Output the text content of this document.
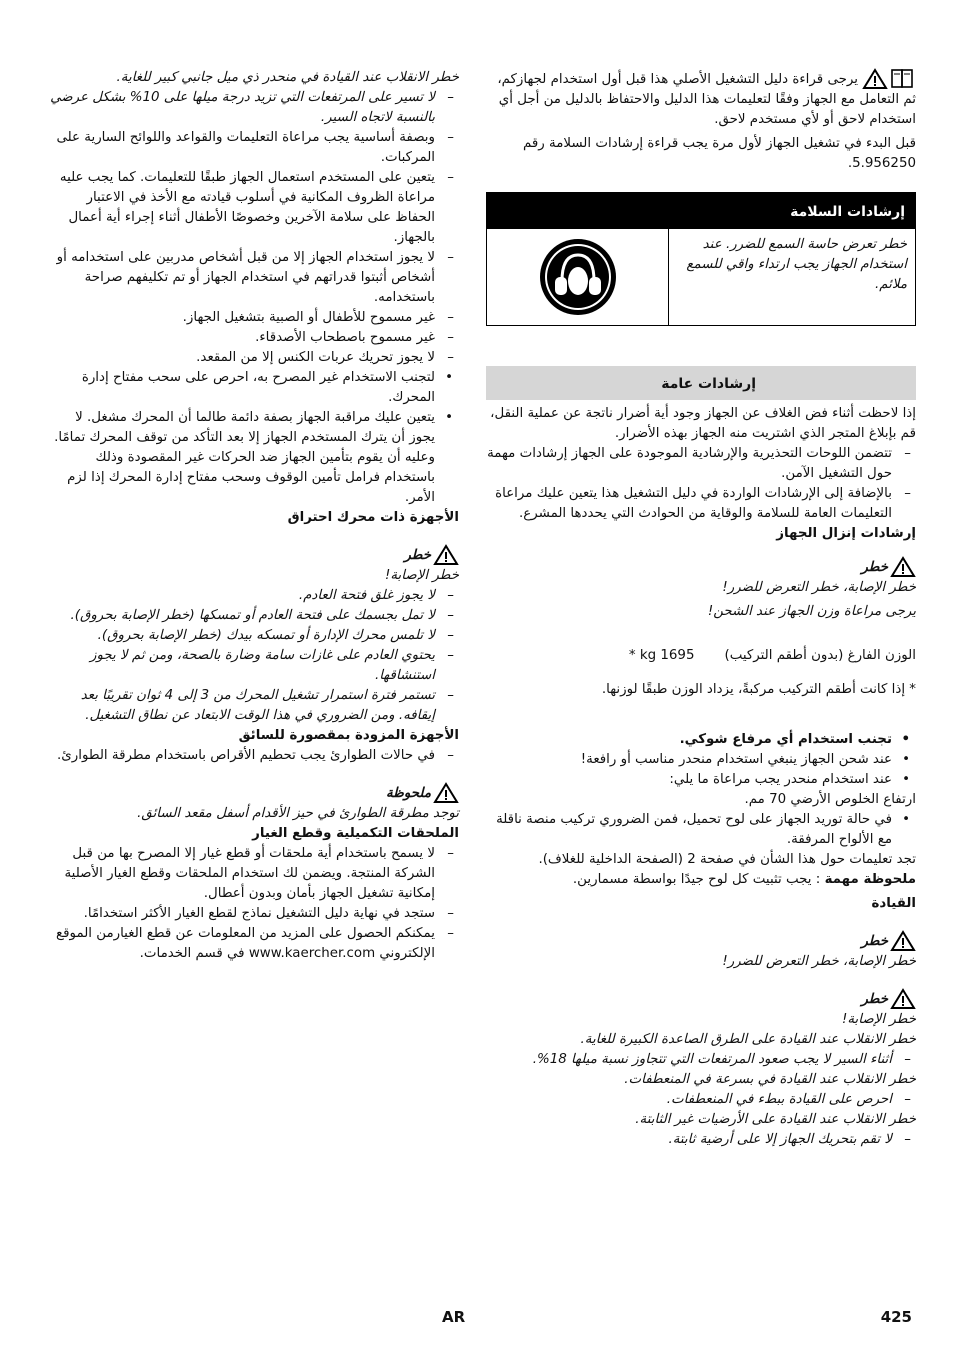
يرجى قراءة دليل التشغيل الأصلي هذا قبل أول استخدام لجهازكم، ثم التعامل مع الجهاز وفقًا لتعليمات هذا الدليل والاحتفاظ بالدليل من أجل أي استخدام لاحق أو لأي مستخدم لاحق.

قبل البدء في تشغيل الجهاز لأول مرة يجب قراءة إرشادات السلامة رقم 5.956250.

إرشادات السلامة
خطر تعرض حاسة السمع للضرر. عند استخدام الجهاز يجب ارتداء واقي للسمع ملائم.
إرشادات عامة

إذا لاحظت أثناء فض الغلاف عن الجهاز وجود أية أضرار ناتجة عن عملية النقل، قم بإبلاغ المتجر الذي اشتريت منه الجهاز بهذه الأضرار.

– تتضمن اللوحات التحذيرية والإرشادية الموجودة على الجهاز إرشادات مهمة حول التشغيل الآمن.

– بالإضافة إلى الإرشادات الواردة في دليل التشغيل هذا يتعين عليك مراعاة التعليمات العامة للسلامة والوقاية من الحوادث التي يحددها المشرع.

إرشادات إنزال الجهاز

خطر

خطر الإصابة، خطر التعرض للضرر!

يرجى مراعاة وزن الجهاز عند الشحن!

الوزن الفارغ (بدون أطقم التركيب)
1695 kg *

* إذا كانت أطقم التركيب مركبةً، يزداد الوزن طبقًا لوزنها.

• تجنب استخدام أي مرفاع شوكي.

• عند شحن الجهاز ينبغي استخدام منحدر مناسب أو رافعة!

• عند استخدام منحدر يجب مراعاة ما يلي:

ارتفاع الخلوص الأرضي 70 مم.

• في حالة توريد الجهاز على لوح تحميل، فمن الضروري تركيب منصة ناقلة مع الألواح المرفقة.

تجد تعليمات حول هذا الشأن في صفحة 2 (الصفحة الداخلية للغلاف).

ملحوظة مهمة : يجب تثبيت كل لوح جيدًا بواسطة مسمارين.

القيادة

خطر

خطر الإصابة، خطر التعرض للضرر!

خطر

خطر الإصابة!

خطر الانقلاب عند القيادة على الطرق الصاعدة الكبيرة للغاية.

– أثناء السير لا يجب صعود المرتفعات التي تتجاوز نسبة ميلها 18%.

خطر الانقلاب عند القيادة في بسرعة في المنعطفات.

– احرص على القيادة ببطء في المنعطفات.

خطر الانقلاب عند القيادة على الأرضيات غير الثابتة.

– لا تقم بتحريك الجهاز إلا على أرضية ثابتة.

خطر الانقلاب عند القيادة في منحدر ذي ميل جانبي كبير للغاية.

– لا تسير على المرتفعات التي تزيد درجة ميلها على 10% بشكل عرضي بالنسبة لاتجاه السير.

– وبصفة أساسية يجب مراعاة التعليمات والقواعد واللوائح السارية على المركبات.

– يتعين على المستخدم استعمال الجهاز طبقًا للتعليمات. كما يجب عليه مراعاة الظروف المكانية في أسلوب قيادته مع الأخذ في الاعتبار الحفاظ على سلامة الآخرين وخصوصًا الأطفال أثناء إجراء أية أعمال بالجهاز.

– لا يجوز استخدام الجهاز إلا من قبل أشخاص مدربين على استخدامه أو أشخاص أثبتوا قدراتهم في استخدام الجهاز أو تم تكليفهم صراحة باستخدامه.

– غير مسموح للأطفال أو الصبية بتشغيل الجهاز.

– غير مسموح باصطحاب الأصدقاء.

– لا يجوز تحريك عربات الكنس إلا من المقعد.

• لتجنب الاستخدام غير المصرح به، احرص على سحب مفتاح إدارة المحرك.

• يتعين عليك مراقبة الجهاز بصفة دائمة طالما أن المحرك مشغل. لا يجوز أن يترك المستخدم الجهاز إلا بعد التأكد من توقف المحرك تمامًا. وعليه أن يقوم بتأمين الجهاز ضد الحركات غير المقصودة وذلك باستخدام فرامل تأمين الوقوف وسحب مفتاح إدارة المحرك إذا لزم الأمر.

الأجهزة ذات محرك احتراق

خطر

خطر الإصابة!

– لا يجوز غلق فتحة العادم.

– لا تمل بجسمك على فتحة العادم أو تمسكها (خطر الإصابة بحروق).

– لا تلمس محرك الإدارة أو تمسكه بيدك (خطر الإصابة بحروق).

– يحتوي العادم على غازات سامة وضارة بالصحة، ومن ثم لا يجوز استنشاقها.

– تستمر فترة استمرار تشغيل المحرك من 3 إلى 4 ثوان تقريبًا بعد إيقافه. ومن الضروري في هذا الوقت الابتعاد عن نطاق التشغيل.

الأجهزة المزودة بمقصورة للسائق

– في حالات الطوارئ يجب تحطيم الأقراص باستخدام مطرقة الطوارئ.

ملحوظة

توجد مطرقة الطوارئ في حيز الأقدام أسفل مقعد السائق.

الملحقات التكميلية وقطع الغيار

– لا يسمح باستخدام أية ملحقات أو قطع غيار إلا المصرح بها من قبل الشركة المنتجة. ويضمن لك استخدام الملحقات وقطع الغيار الأصلية إمكانية تشغيل الجهاز بأمان وبدون أعطال.

– ستجد في نهاية دليل التشغيل نماذج لقطع الغيار الأكثر استخدامًا.

– يمكنكم الحصول على المزيد من المعلومات عن قطع الغيارمن الموقع الإلكتروني www.kaercher.com في قسم الخدمات.

AR	425
